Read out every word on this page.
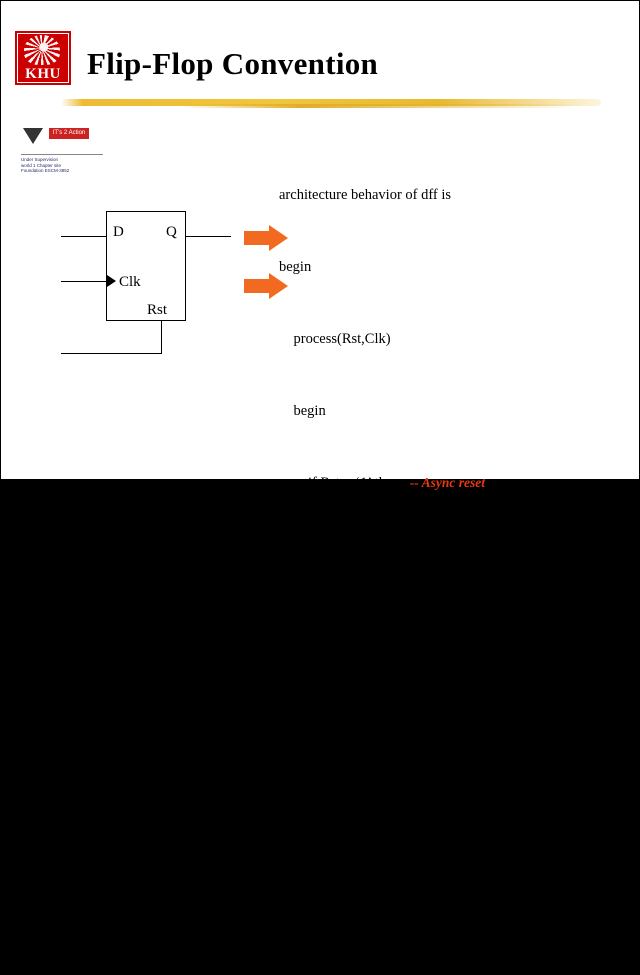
KHU Flip-Flop Convention
IT's 2 Action
Under Supervision
world 1 Chapter site
Foundation ESCM-3852
D	Q
Clk
Rst

architecture behavior of dff is

begin

process(Rst,Clk)

begin

if Rst = ‘1’ then   -- Async reset

Q <= (others=>’0’);

elsif (Clk = ‘1’ and Clk’event) then

Q <= D;

end if;

end process;

end behavior;
